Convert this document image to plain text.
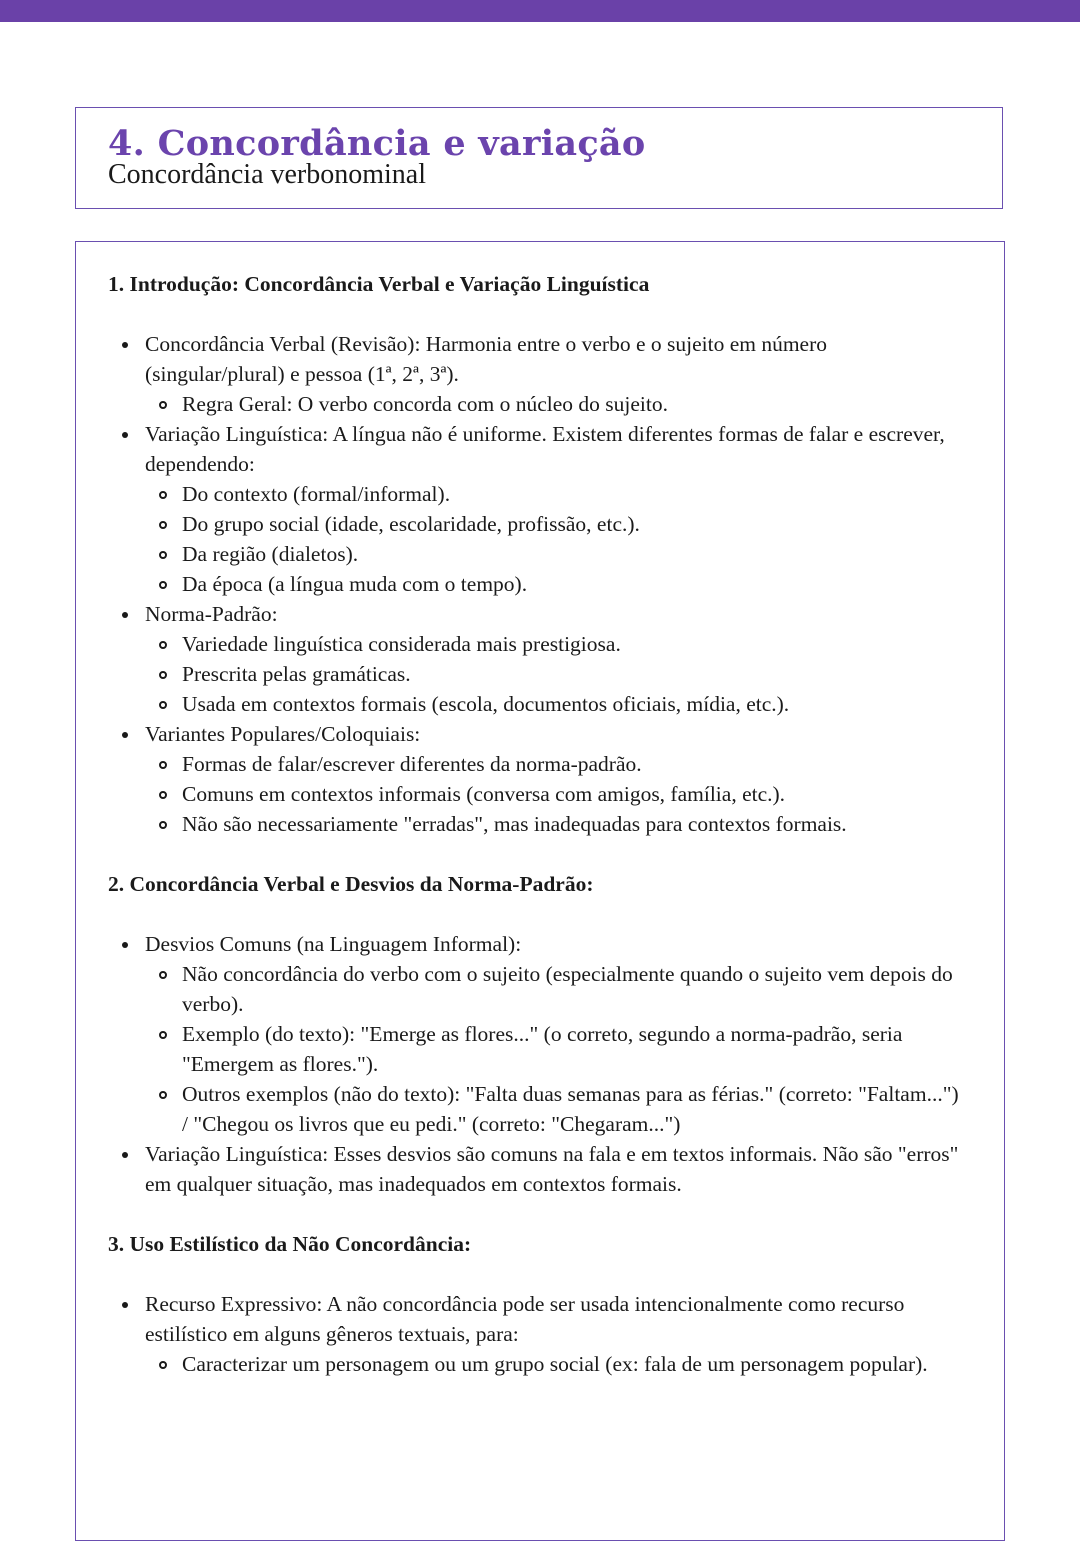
4. Concordância e variação
Concordância verbonominal
1. Introdução: Concordância Verbal e Variação Linguística
Concordância Verbal (Revisão): Harmonia entre o verbo e o sujeito em número (singular/plural) e pessoa (1ª, 2ª, 3ª).
Regra Geral: O verbo concorda com o núcleo do sujeito.
Variação Linguística: A língua não é uniforme. Existem diferentes formas de falar e escrever, dependendo:
Do contexto (formal/informal).
Do grupo social (idade, escolaridade, profissão, etc.).
Da região (dialetos).
Da época (a língua muda com o tempo).
Norma-Padrão:
Variedade linguística considerada mais prestigiosa.
Prescrita pelas gramáticas.
Usada em contextos formais (escola, documentos oficiais, mídia, etc.).
Variantes Populares/Coloquiais:
Formas de falar/escrever diferentes da norma-padrão.
Comuns em contextos informais (conversa com amigos, família, etc.).
Não são necessariamente "erradas", mas inadequadas para contextos formais.
2. Concordância Verbal e Desvios da Norma-Padrão:
Desvios Comuns (na Linguagem Informal):
Não concordância do verbo com o sujeito (especialmente quando o sujeito vem depois do verbo).
Exemplo (do texto): "Emerge as flores..." (o correto, segundo a norma-padrão, seria "Emergem as flores.").
Outros exemplos (não do texto): "Falta duas semanas para as férias." (correto: "Faltam...") / "Chegou os livros que eu pedi." (correto: "Chegaram...")
Variação Linguística: Esses desvios são comuns na fala e em textos informais. Não são "erros" em qualquer situação, mas inadequados em contextos formais.
3. Uso Estilístico da Não Concordância:
Recurso Expressivo: A não concordância pode ser usada intencionalmente como recurso estilístico em alguns gêneros textuais, para:
Caracterizar um personagem ou um grupo social (ex: fala de um personagem popular).
